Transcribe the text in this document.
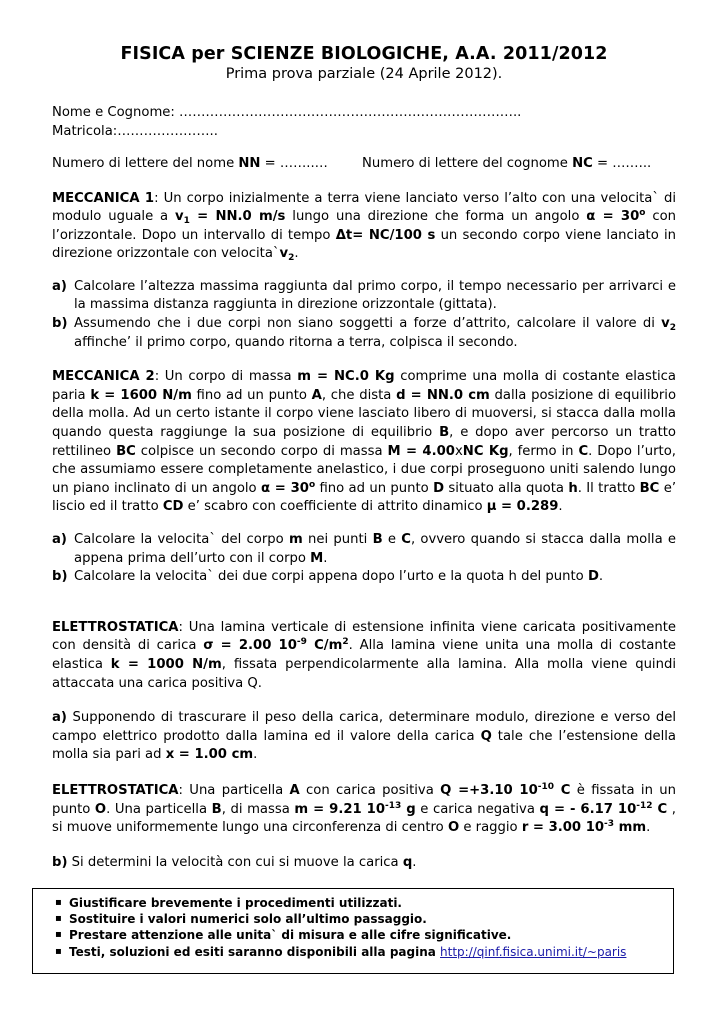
FISICA per SCIENZE BIOLOGICHE, A.A. 2011/2012
Prima prova parziale (24 Aprile 2012).

Nome e Cognome: ……………………………………………….………………….. Matricola:…………………..

Numero di lettere del nome NN = ……..…	Numero di lettere del cognome NC = ……...

MECCANICA 1: Un corpo inizialmente a terra viene lanciato verso l’alto con una velocita` di modulo uguale a $v_1 = NN.0$ m/s lungo una direzione che forma un angolo $\alpha = 30^o$ con l’orizzontale. Dopo un intervallo di tempo Δt= NC/100 s un secondo corpo viene lanciato in direzione orizzontale con $velocita`v_2$.

a) Calcolare l’altezza massima raggiunta dal primo corpo, il tempo necessario per arrivarci e la massima distanza raggiunta in direzione orizzontale (gittata).
b) Assumendo che i due corpi non siano soggetti a forze d’attrito, calcolare il valore di $v_2$ affinche’ il primo corpo, quando ritorna a terra, colpisca il secondo.

MECCANICA 2: Un corpo di massa m = NC.0 Kg comprime una molla di costante elastica paria k = 1600 N/m fino ad un punto A, che dista d = NN.0 cm dalla posizione di equilibrio della molla. Ad un certo istante il corpo viene lasciato libero di muoversi, si stacca dalla molla quando questa raggiunge la sua posizione di equilibrio B, e dopo aver percorso un tratto rettilineo BC colpisce un secondo corpo di massa M = 4.00xNC Kg, fermo in C. Dopo l’urto, che assumiamo essere completamente anelastico, i due corpi proseguono uniti salendo lungo un piano inclinato di un angolo $\alpha = 30^o$ fino ad un punto D situato alla quota h. Il tratto BC e’ liscio ed il tratto CD e’ scabro con coefficiente di attrito dinamico μ = 0.289.

a) Calcolare la velocita` del corpo m nei punti B e C, ovvero quando si stacca dalla molla e appena prima dell’urto con il corpo M.
b) Calcolare la velocita` dei due corpi appena dopo l’urto e la quota h del punto D.

ELETTROSTATICA: Una lamina verticale di estensione infinita viene caricata positivamente con densità di carica σ = 2.00 $10^{-9}$ $C/m^2$. Alla lamina viene unita una molla di costante elastica k = 1000 N/m, fissata perpendicolarmente alla lamina. Alla molla viene quindi attaccata una carica positiva Q.

a) Supponendo di trascurare il peso della carica, determinare modulo, direzione e verso del campo elettrico prodotto dalla lamina ed il valore della carica Q tale che l’estensione della molla sia pari ad x = 1.00 cm.

ELETTROSTATICA: Una particella A con carica positiva Q =+3.10 $10^{-10}$ C è fissata in un punto O. Una particella B, di massa m = 9.21 $10^{-13}$ g e carica negativa q = - 6.17 $10^{-12}$ C , si muove uniformemente lungo una circonferenza di centro O e raggio r = 3.00 $10^{-3}$ mm.

b) Si determini la velocità con cui si muove la carica q.

▪ Giustificare brevemente i procedimenti utilizzati.
▪ Sostituire i valori numerici solo all’ultimo passaggio.
▪ Prestare attenzione alle unita` di misura e alle cifre significative.
▪ Testi, soluzioni ed esiti saranno disponibili alla pagina http://qinf.fisica.unimi.it/~paris
